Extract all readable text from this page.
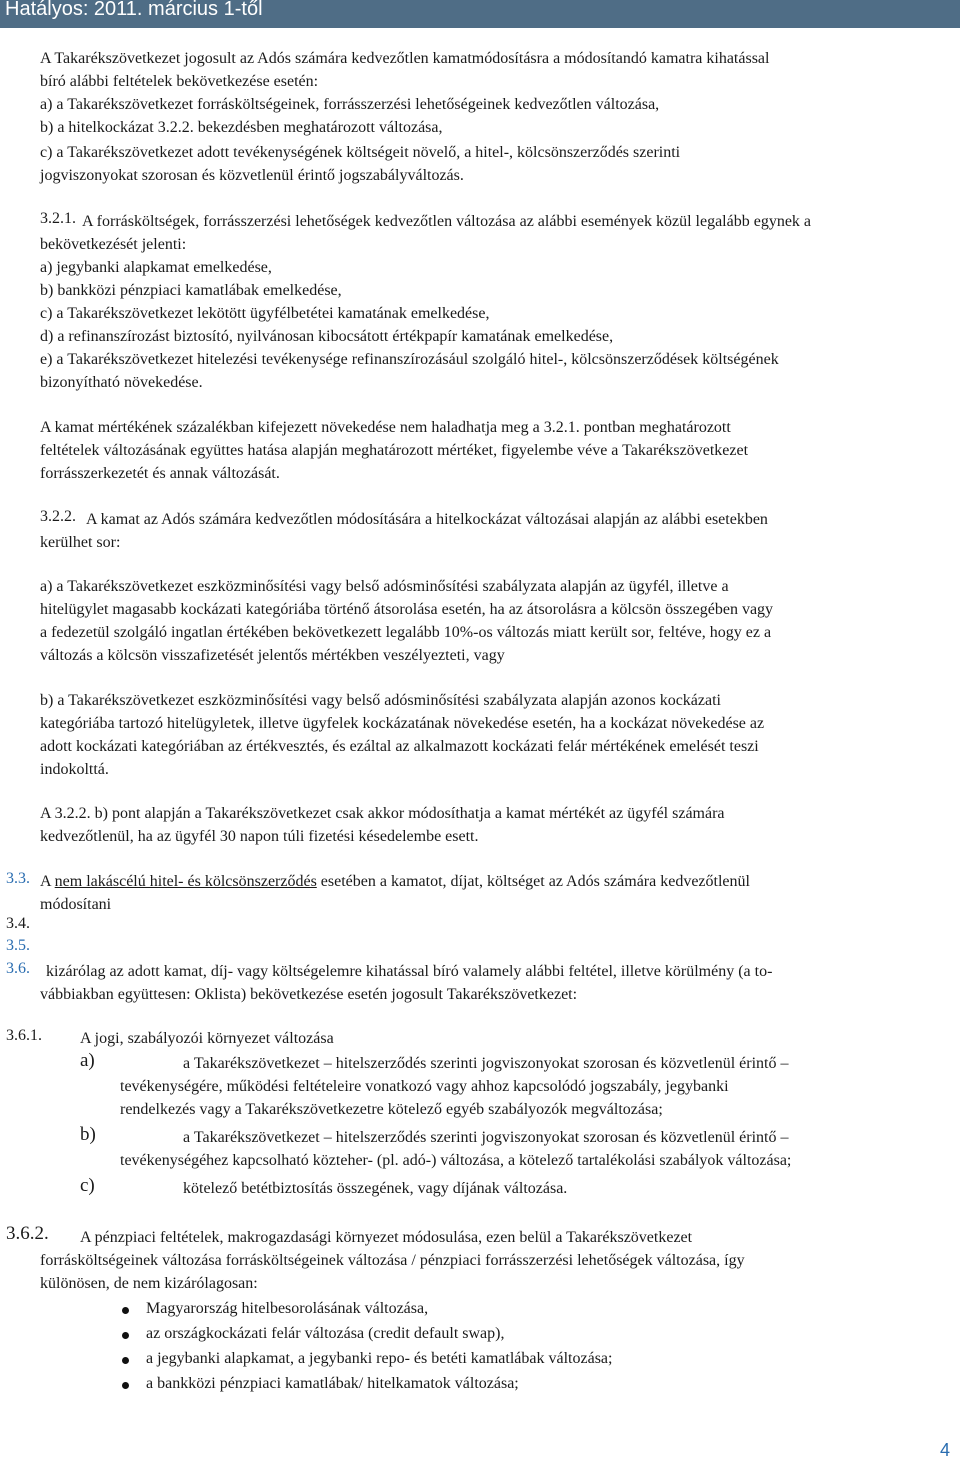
Hatályos: 2011. március 1-től

A Takarékszövetkezet jogosult az Adós számára kedvezőtlen kamatmódosításra a módosítandó kamatra kihatással

bíró alábbi feltételek bekövetkezése esetén:

a) a Takarékszövetkezet forrásköltségeinek, forrásszerzési lehetőségeinek kedvezőtlen változása,

b) a hitelkockázat 3.2.2. bekezdésben meghatározott változása,

c) a Takarékszövetkezet adott tevékenységének költségeit növelő, a hitel-, kölcsönszerződés szerinti

jogviszonyokat szorosan és közvetlenül érintő jogszabályváltozás.

3.2.1. A forrásköltségek, forrásszerzési lehetőségek kedvezőtlen változása az alábbi események közül legalább egynek a

bekövetkezését jelenti:

a) jegybanki alapkamat emelkedése,

b) bankközi pénzpiaci kamatlábak emelkedése,

c) a Takarékszövetkezet lekötött ügyfélbetétei kamatának emelkedése,

d) a refinanszírozást biztosító, nyilvánosan kibocsátott értékpapír kamatának emelkedése,

e) a Takarékszövetkezet hitelezési tevékenysége refinanszírozásául szolgáló hitel-, kölcsönszerződések költségének

bizonyítható növekedése.

A kamat mértékének százalékban kifejezett növekedése nem haladhatja meg a 3.2.1. pontban meghatározott

feltételek változásának együttes hatása alapján meghatározott mértéket, figyelembe véve a Takarékszövetkezet

forrásszerkezetét és annak változását.

3.2.2. A kamat az Adós számára kedvezőtlen módosítására a hitelkockázat változásai alapján az alábbi esetekben

kerülhet sor:

a) a Takarékszövetkezet eszközminősítési vagy belső adósminősítési szabályzata alapján az ügyfél, illetve a

hitelügylet magasabb kockázati kategóriába történő átsorolása esetén, ha az átsorolásra a kölcsön összegében vagy

a fedezetül szolgáló ingatlan értékében bekövetkezett legalább 10%-os változás miatt került sor, feltéve, hogy ez a

változás a kölcsön visszafizetését jelentős mértékben veszélyezteti, vagy

b) a Takarékszövetkezet eszközminősítési vagy belső adósminősítési szabályzata alapján azonos kockázati

kategóriába tartozó hitelügyletek, illetve ügyfelek kockázatának növekedése esetén, ha a kockázat növekedése az

adott kockázati kategóriában az értékvesztés, és ezáltal az alkalmazott kockázati felár mértékének emelését teszi

indokolttá.

A 3.2.2. b) pont alapján a Takarékszövetkezet csak akkor módosíthatja a kamat mértékét az ügyfél számára

kedvezőtlenül, ha az ügyfél 30 napon túli fizetési késedelembe esett.

3.3. A nem lakáscélú hitel- és kölcsönszerződés esetében a kamatot, díjat, költséget az Adós számára kedvezőtlenül

módosítani

3.4.
3.5.
3.6. kizárólag az adott kamat, díj- vagy költségelemre kihatással bíró valamely alábbi feltétel, illetve körülmény (a to-

vábbiakban együttesen: Oklista) bekövetkezése esetén jogosult Takarékszövetkezet:

3.6.1. A jogi, szabályozói környezet változása

a)	a Takarékszövetkezet – hitelszerződés szerinti jogviszonyokat szorosan és közvetlenül érintő –

tevékenységére, működési feltételeire vonatkozó vagy ahhoz kapcsolódó jogszabály, jegybanki

rendelkezés vagy a Takarékszövetkezetre kötelező egyéb szabályozók megváltozása;

b)	a Takarékszövetkezet – hitelszerződés szerinti jogviszonyokat szorosan és közvetlenül érintő –

tevékenységéhez kapcsolható közteher- (pl. adó-) változása, a kötelező tartalékolási szabályok változása;

c)	kötelező betétbiztosítás összegének, vagy díjának változása.

3.6.2. A pénzpiaci feltételek, makrogazdasági környezet módosulása, ezen belül a Takarékszövetkezet

forrásköltségeinek változása forrásköltségeinek változása / pénzpiaci forrásszerzési lehetőségek változása, így

különösen, de nem kizárólagosan:

Magyarország hitelbesorolásának változása,
az országkockázati felár változása (credit default swap),
a jegybanki alapkamat, a jegybanki repo- és betéti kamatlábak változása;
a bankközi pénzpiaci kamatlábak/ hitelkamatok változása;
4
